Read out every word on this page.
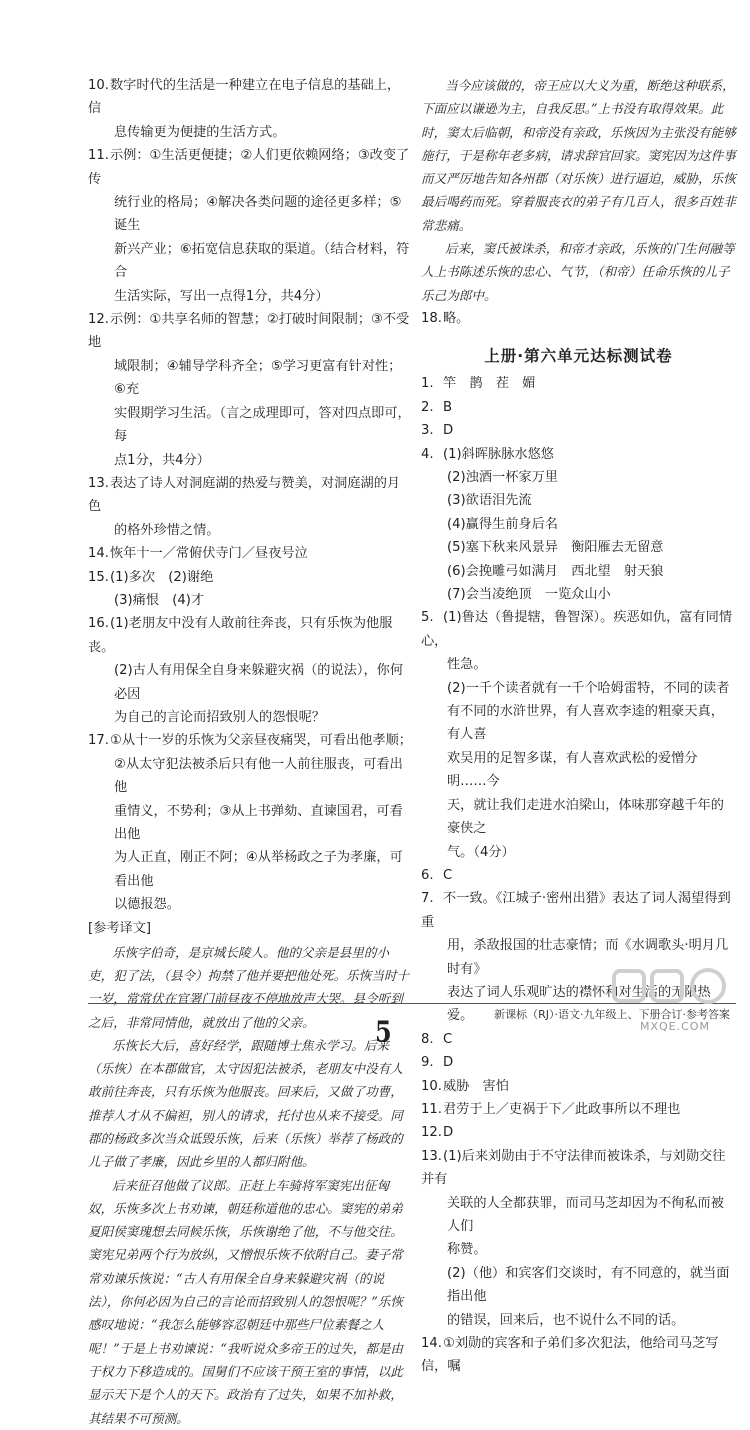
10.数字时代的生活是一种建立在电子信息的基础上，信

息传输更为便捷的生活方式。

11.示例：①生活更便捷；②人们更依赖网络；③改变了传

统行业的格局；④解决各类问题的途径更多样；⑤诞生

新兴产业；⑥拓宽信息获取的渠道。（结合材料，符合

生活实际，写出一点得1分，共4分）

12.示例：①共享名师的智慧；②打破时间限制；③不受地

域限制；④辅导学科齐全；⑤学习更富有针对性；⑥充

实假期学习生活。（言之成理即可，答对四点即可，每

点1分，共4分）

13.表达了诗人对洞庭湖的热爱与赞美，对洞庭湖的月色

的格外珍惜之情。

14.恢年十一／常俯伏寺门／昼夜号泣

15.(1)多次　(2)谢绝

(3)痛恨　(4)才

16.(1)老朋友中没有人敢前往奔丧，只有乐恢为他服丧。

(2)古人有用保全自身来躲避灾祸（的说法），你何必因

为自己的言论而招致别人的怨恨呢？

17.①从十一岁的乐恢为父亲昼夜痛哭，可看出他孝顺；

②从太守犯法被杀后只有他一人前往服丧，可看出他

重情义，不势利；③从上书弹劾、直谏国君，可看出他

为人正直，刚正不阿；④从举杨政之子为孝廉，可看出他

以德报怨。

[参考译文]

乐恢字伯奇，是京城长陵人。他的父亲是县里的小吏，犯了法，（县令）拘禁了他并要把他处死。乐恢当时十一岁，常常伏在官署门前昼夜不停地放声大哭。县令听到之后，非常同情他，就放出了他的父亲。

乐恢长大后，喜好经学，跟随博士焦永学习。后来（乐恢）在本郡做官，太守因犯法被杀，老朋友中没有人敢前往奔丧，只有乐恢为他服丧。回来后，又做了功曹，推荐人才从不偏袒，别人的请求，托付也从来不接受。同郡的杨政多次当众诋毁乐恢，后来（乐恢）举荐了杨政的儿子做了孝廉，因此乡里的人都归附他。

后来征召他做了议郎。正赶上车骑将军窦宪出征匈奴，乐恢多次上书劝谏，朝廷称道他的忠心。窦宪的弟弟夏阳侯窦瑰想去同候乐恢，乐恢谢绝了他，不与他交往。窦宪兄弟两个行为放纵，又憎恨乐恢不依附自己。妻子常常劝谏乐恢说：“古人有用保全自身来躲避灾祸（的说法），你何必因为自己的言论而招致别人的怨恨呢？”乐恢感叹地说：“我怎么能够容忍朝廷中那些尸位素餐之人呢！”于是上书劝谏说：“我听说众多帝王的过失，都是由于权力下移造成的。国舅们不应该干预王室的事情，以此显示天下是个人的天下。政治有了过失，如果不加补救，其结果不可预测。

当今应该做的，帝王应以大义为重，断绝这种联系，下面应以谦逊为主，自我反思。”上书没有取得效果。此时，窦太后临朝，和帝没有亲政，乐恢因为主张没有能够施行，于是称年老多病，请求辞官回家。窦宪因为这件事而又严厉地告知各州郡（对乐恢）进行逼迫，威胁，乐恢最后喝药而死。穿着服丧衣的弟子有几百人，很多百姓非常悲痛。

后来，窦氏被诛杀，和帝才亲政，乐恢的门生何融等人上书陈述乐恢的忠心、气节，（和帝）任命乐恢的儿子乐己为郎中。

18.略。

上册·第六单元达标测试卷

1. 竿　鹊　茬　媚

2. B

3. D

4. (1)斜晖脉脉水悠悠

(2)浊酒一杯家万里

(3)欲语泪先流

(4)赢得生前身后名

(5)塞下秋来风景异　衡阳雁去无留意

(6)会挽雕弓如满月　西北望　射天狼

(7)会当凌绝顶　一览众山小

5. (1)鲁达（鲁提辖，鲁智深）。疾恶如仇，富有同情心，

性急。

(2)一千个读者就有一千个哈姆雷特，不同的读者

有不同的水浒世界，有人喜欢李逵的粗豪天真，有人喜

欢吴用的足智多谋，有人喜欢武松的爱憎分明……今

天，就让我们走进水泊梁山，体味那穿越千年的豪侠之

气。（4分）

6. C

7. 不一致。《江城子·密州出猎》表达了词人渴望得到重

用，杀敌报国的壮志豪情；而《水调歌头·明月几时有》

表达了词人乐观旷达的襟怀和对生活的无限热爱。

8. C

9. D

10.威胁　害怕

11.君劳于上／吏祸于下／此政事所以不理也

12.D

13.(1)后来刘勋由于不守法律而被诛杀，与刘勋交往并有

关联的人全都获罪，而司马芝却因为不徇私而被人们

称赞。

(2)（他）和宾客们交谈时，有不同意的，就当面指出他

的错误，回来后，也不说什么不同的话。

14.①刘勋的宾客和子弟们多次犯法，他给司马芝写信，嘱

新课标（RJ）·语文·九年级上、下册合订·参考答案
5	MXQE.COM
